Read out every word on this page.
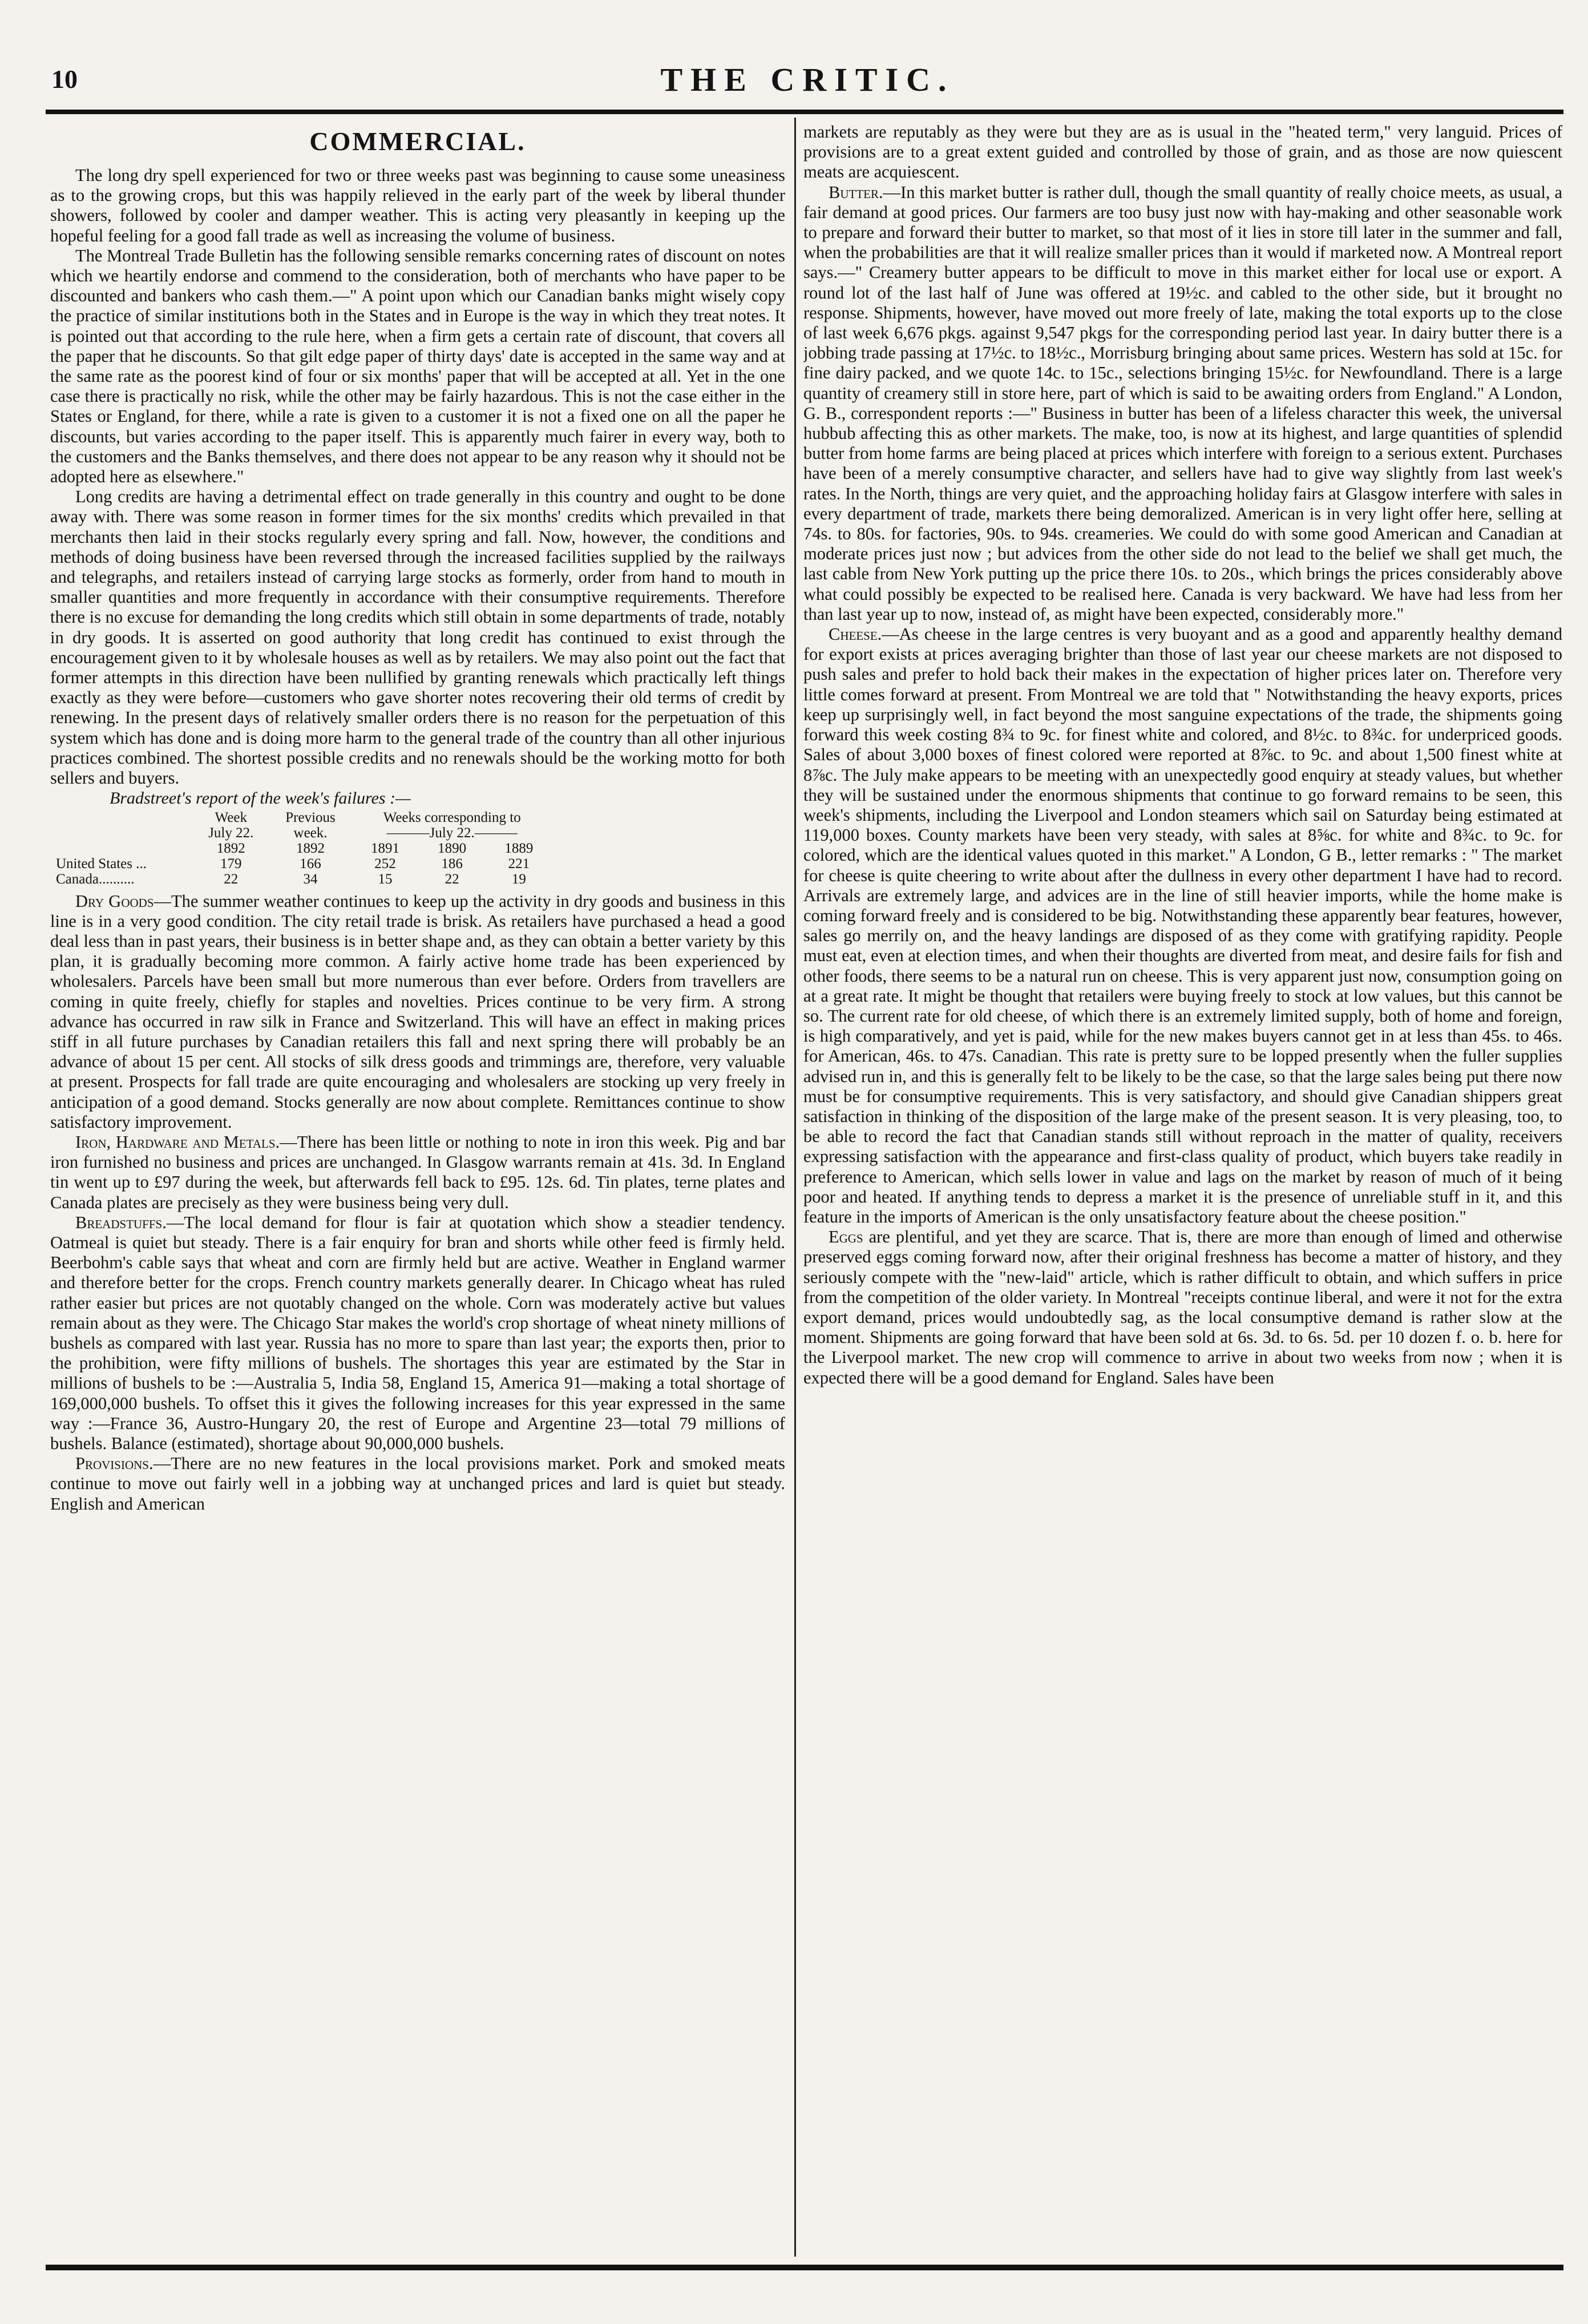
10	THE CRITIC.
COMMERCIAL.

The long dry spell experienced for two or three weeks past was beginning to cause some uneasiness as to the growing crops, but this was happily relieved in the early part of the week by liberal thunder showers, followed by cooler and damper weather. This is acting very pleasantly in keeping up the hopeful feeling for a good fall trade as well as increasing the volume of business.

The Montreal Trade Bulletin has the following sensible remarks concerning rates of discount on notes which we heartily endorse and commend to the consideration, both of merchants who have paper to be discounted and bankers who cash them.—" A point upon which our Canadian banks might wisely copy the practice of similar institutions both in the States and in Europe is the way in which they treat notes. It is pointed out that according to the rule here, when a firm gets a certain rate of discount, that covers all the paper that he discounts. So that gilt edge paper of thirty days' date is accepted in the same way and at the same rate as the poorest kind of four or six months' paper that will be accepted at all. Yet in the one case there is practically no risk, while the other may be fairly hazardous. This is not the case either in the States or England, for there, while a rate is given to a customer it is not a fixed one on all the paper he discounts, but varies according to the paper itself. This is apparently much fairer in every way, both to the customers and the Banks themselves, and there does not appear to be any reason why it should not be adopted here as elsewhere."

Long credits are having a detrimental effect on trade generally in this country and ought to be done away with. There was some reason in former times for the six months' credits which prevailed in that merchants then laid in their stocks regularly every spring and fall. Now, however, the conditions and methods of doing business have been reversed through the increased facilities supplied by the railways and telegraphs, and retailers instead of carrying large stocks as formerly, order from hand to mouth in smaller quantities and more frequently in accordance with their consumptive requirements. Therefore there is no excuse for demanding the long credits which still obtain in some departments of trade, notably in dry goods. It is asserted on good authority that long credit has continued to exist through the encouragement given to it by wholesale houses as well as by retailers. We may also point out the fact that former attempts in this direction have been nullified by granting renewals which practically left things exactly as they were before—customers who gave shorter notes recovering their old terms of credit by renewing. In the present days of relatively smaller orders there is no reason for the perpetuation of this system which has done and is doing more harm to the general trade of the country than all other injurious practices combined. The shortest possible credits and no renewals should be the working motto for both sellers and buyers.

Bradstreet's report of the week's failures :—

	Week	Previous	Weeks corresponding to		
	July 22.	week.	———July 22.———		
	1892	1892	1891	1890	1889
United States ...	179	166	252	186	221
Canada..........	22	34	15	22	19

Dry Goods—The summer weather continues to keep up the activity in dry goods and business in this line is in a very good condition. The city retail trade is brisk. As retailers have purchased a head a good deal less than in past years, their business is in better shape and, as they can obtain a better variety by this plan, it is gradually becoming more common. A fairly active home trade has been experienced by wholesalers. Parcels have been small but more numerous than ever before. Orders from travellers are coming in quite freely, chiefly for staples and novelties. Prices continue to be very firm. A strong advance has occurred in raw silk in France and Switzerland. This will have an effect in making prices stiff in all future purchases by Canadian retailers this fall and next spring there will probably be an advance of about 15 per cent. All stocks of silk dress goods and trimmings are, therefore, very valuable at present. Prospects for fall trade are quite encouraging and wholesalers are stocking up very freely in anticipation of a good demand. Stocks generally are now about complete. Remittances continue to show satisfactory improvement.

Iron, Hardware and Metals.—There has been little or nothing to note in iron this week. Pig and bar iron furnished no business and prices are unchanged. In Glasgow warrants remain at 41s. 3d. In England tin went up to £97 during the week, but afterwards fell back to £95. 12s. 6d. Tin plates, terne plates and Canada plates are precisely as they were business being very dull.

Breadstuffs.—The local demand for flour is fair at quotation which show a steadier tendency. Oatmeal is quiet but steady. There is a fair enquiry for bran and shorts while other feed is firmly held. Beerbohm's cable says that wheat and corn are firmly held but are active. Weather in England warmer and therefore better for the crops. French country markets generally dearer. In Chicago wheat has ruled rather easier but prices are not quotably changed on the whole. Corn was moderately active but values remain about as they were. The Chicago Star makes the world's crop shortage of wheat ninety millions of bushels as compared with last year. Russia has no more to spare than last year; the exports then, prior to the prohibition, were fifty millions of bushels. The shortages this year are estimated by the Star in millions of bushels to be :—Australia 5, India 58, England 15, America 91—making a total shortage of 169,000,000 bushels. To offset this it gives the following increases for this year expressed in the same way :—France 36, Austro-Hungary 20, the rest of Europe and Argentine 23—total 79 millions of bushels. Balance (estimated), shortage about 90,000,000 bushels.

Provisions.—There are no new features in the local provisions market. Pork and smoked meats continue to move out fairly well in a jobbing way at unchanged prices and lard is quiet but steady. English and American

markets are reputably as they were but they are as is usual in the "heated term," very languid. Prices of provisions are to a great extent guided and controlled by those of grain, and as those are now quiescent meats are acquiescent.

Butter.—In this market butter is rather dull, though the small quantity of really choice meets, as usual, a fair demand at good prices. Our farmers are too busy just now with hay-making and other seasonable work to prepare and forward their butter to market, so that most of it lies in store till later in the summer and fall, when the probabilities are that it will realize smaller prices than it would if marketed now. A Montreal report says.—" Creamery butter appears to be difficult to move in this market either for local use or export. A round lot of the last half of June was offered at 19½c. and cabled to the other side, but it brought no response. Shipments, however, have moved out more freely of late, making the total exports up to the close of last week 6,676 pkgs. against 9,547 pkgs for the corresponding period last year. In dairy butter there is a jobbing trade passing at 17½c. to 18½c., Morrisburg bringing about same prices. Western has sold at 15c. for fine dairy packed, and we quote 14c. to 15c., selections bringing 15½c. for Newfoundland. There is a large quantity of creamery still in store here, part of which is said to be awaiting orders from England." A London, G. B., correspondent reports :—" Business in butter has been of a lifeless character this week, the universal hubbub affecting this as other markets. The make, too, is now at its highest, and large quantities of splendid butter from home farms are being placed at prices which interfere with foreign to a serious extent. Purchases have been of a merely consumptive character, and sellers have had to give way slightly from last week's rates. In the North, things are very quiet, and the approaching holiday fairs at Glasgow interfere with sales in every department of trade, markets there being demoralized. American is in very light offer here, selling at 74s. to 80s. for factories, 90s. to 94s. creameries. We could do with some good American and Canadian at moderate prices just now ; but advices from the other side do not lead to the belief we shall get much, the last cable from New York putting up the price there 10s. to 20s., which brings the prices considerably above what could possibly be expected to be realised here. Canada is very backward. We have had less from her than last year up to now, instead of, as might have been expected, considerably more."

Cheese.—As cheese in the large centres is very buoyant and as a good and apparently healthy demand for export exists at prices averaging brighter than those of last year our cheese markets are not disposed to push sales and prefer to hold back their makes in the expectation of higher prices later on. Therefore very little comes forward at present. From Montreal we are told that " Notwithstanding the heavy exports, prices keep up surprisingly well, in fact beyond the most sanguine expectations of the trade, the shipments going forward this week costing 8¾ to 9c. for finest white and colored, and 8½c. to 8¾c. for underpriced goods. Sales of about 3,000 boxes of finest colored were reported at 8⅞c. to 9c. and about 1,500 finest white at 8⅞c. The July make appears to be meeting with an unexpectedly good enquiry at steady values, but whether they will be sustained under the enormous shipments that continue to go forward remains to be seen, this week's shipments, including the Liverpool and London steamers which sail on Saturday being estimated at 119,000 boxes. County markets have been very steady, with sales at 8⅝c. for white and 8¾c. to 9c. for colored, which are the identical values quoted in this market." A London, G B., letter remarks : " The market for cheese is quite cheering to write about after the dullness in every other department I have had to record. Arrivals are extremely large, and advices are in the line of still heavier imports, while the home make is coming forward freely and is considered to be big. Notwithstanding these apparently bear features, however, sales go merrily on, and the heavy landings are disposed of as they come with gratifying rapidity. People must eat, even at election times, and when their thoughts are diverted from meat, and desire fails for fish and other foods, there seems to be a natural run on cheese. This is very apparent just now, consumption going on at a great rate. It might be thought that retailers were buying freely to stock at low values, but this cannot be so. The current rate for old cheese, of which there is an extremely limited supply, both of home and foreign, is high comparatively, and yet is paid, while for the new makes buyers cannot get in at less than 45s. to 46s. for American, 46s. to 47s. Canadian. This rate is pretty sure to be lopped presently when the fuller supplies advised run in, and this is generally felt to be likely to be the case, so that the large sales being put there now must be for consumptive requirements. This is very satisfactory, and should give Canadian shippers great satisfaction in thinking of the disposition of the large make of the present season. It is very pleasing, too, to be able to record the fact that Canadian stands still without reproach in the matter of quality, receivers expressing satisfaction with the appearance and first-class quality of product, which buyers take readily in preference to American, which sells lower in value and lags on the market by reason of much of it being poor and heated. If anything tends to depress a market it is the presence of unreliable stuff in it, and this feature in the imports of American is the only unsatisfactory feature about the cheese position."

Eggs are plentiful, and yet they are scarce. That is, there are more than enough of limed and otherwise preserved eggs coming forward now, after their original freshness has become a matter of history, and they seriously compete with the "new-laid" article, which is rather difficult to obtain, and which suffers in price from the competition of the older variety. In Montreal "receipts continue liberal, and were it not for the extra export demand, prices would undoubtedly sag, as the local consumptive demand is rather slow at the moment. Shipments are going forward that have been sold at 6s. 3d. to 6s. 5d. per 10 dozen f. o. b. here for the Liverpool market. The new crop will commence to arrive in about two weeks from now ; when it is expected there will be a good demand for England. Sales have been
